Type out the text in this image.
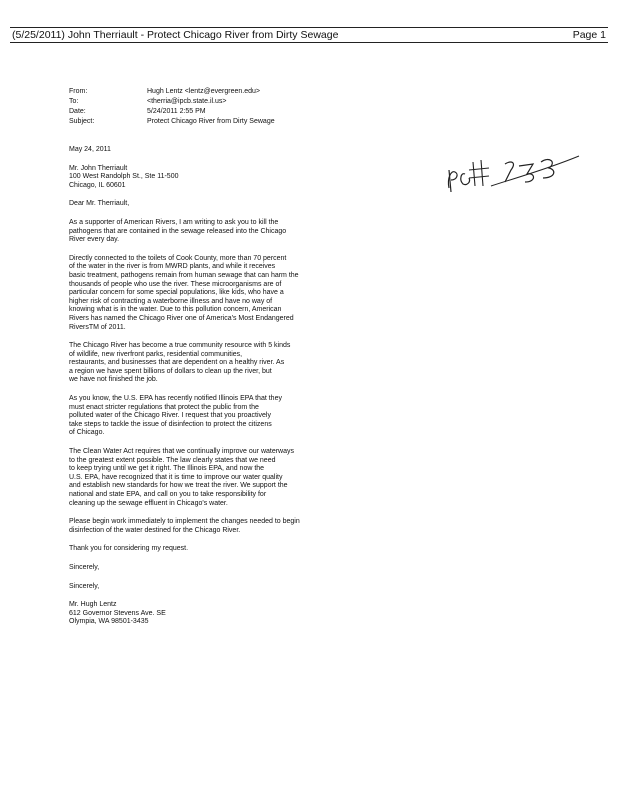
(5/25/2011) John Therriault - Protect Chicago River from Dirty Sewage	Page 1
From:	Hugh Lentz <lentz@evergreen.edu>
To:	<therria@ipcb.state.il.us>
Date:	5/24/2011 2:55 PM
Subject:	Protect Chicago River from Dirty Sewage
May 24, 2011
Mr. John Therriault
100 West Randolph St., Ste 11-500
Chicago, IL 60601
Dear Mr. Therriault,
As a supporter of American Rivers, I am writing to ask you to kill the
pathogens that are contained in the sewage released into the Chicago
River every day.
Directly connected to the toilets of Cook County, more than 70 percent
of the water in the river is from MWRD plants, and while it receives
basic treatment, pathogens remain from human sewage that can harm the
thousands of people who use the river. These microorganisms are of
particular concern for some special populations, like kids, who have a
higher risk of contracting a waterborne illness and have no way of
knowing what is in the water. Due to this pollution concern, American
Rivers has named the Chicago River one of America's Most Endangered
RiversTM of 2011.
The Chicago River has become a true community resource with 5 kinds
of wildlife, new riverfront parks, residential communities,
restaurants, and businesses that are dependent on a healthy river. As
a region we have spent billions of dollars to clean up the river, but
we have not finished the job.
As you know, the U.S. EPA has recently notified Illinois EPA that they
must enact stricter regulations that protect the public from the
polluted water of the Chicago River. I request that you proactively
take steps to tackle the issue of disinfection to protect the citizens
of Chicago.
The Clean Water Act requires that we continually improve our waterways
to the greatest extent possible. The law clearly states that we need
to keep trying until we get it right. The Illinois EPA, and now the
U.S. EPA, have recognized that it is time to improve our water quality
and establish new standards for how we treat the river. We support the
national and state EPA, and call on you to take responsibility for
cleaning up the sewage effluent in Chicago's water.
Please begin work immediately to implement the changes needed to begin
disinfection of the water destined for the Chicago River.
Thank you for considering my request.
Sincerely,
Sincerely,
Mr. Hugh Lentz
612 Governor Stevens Ave. SE
Olympia, WA 98501-3435
